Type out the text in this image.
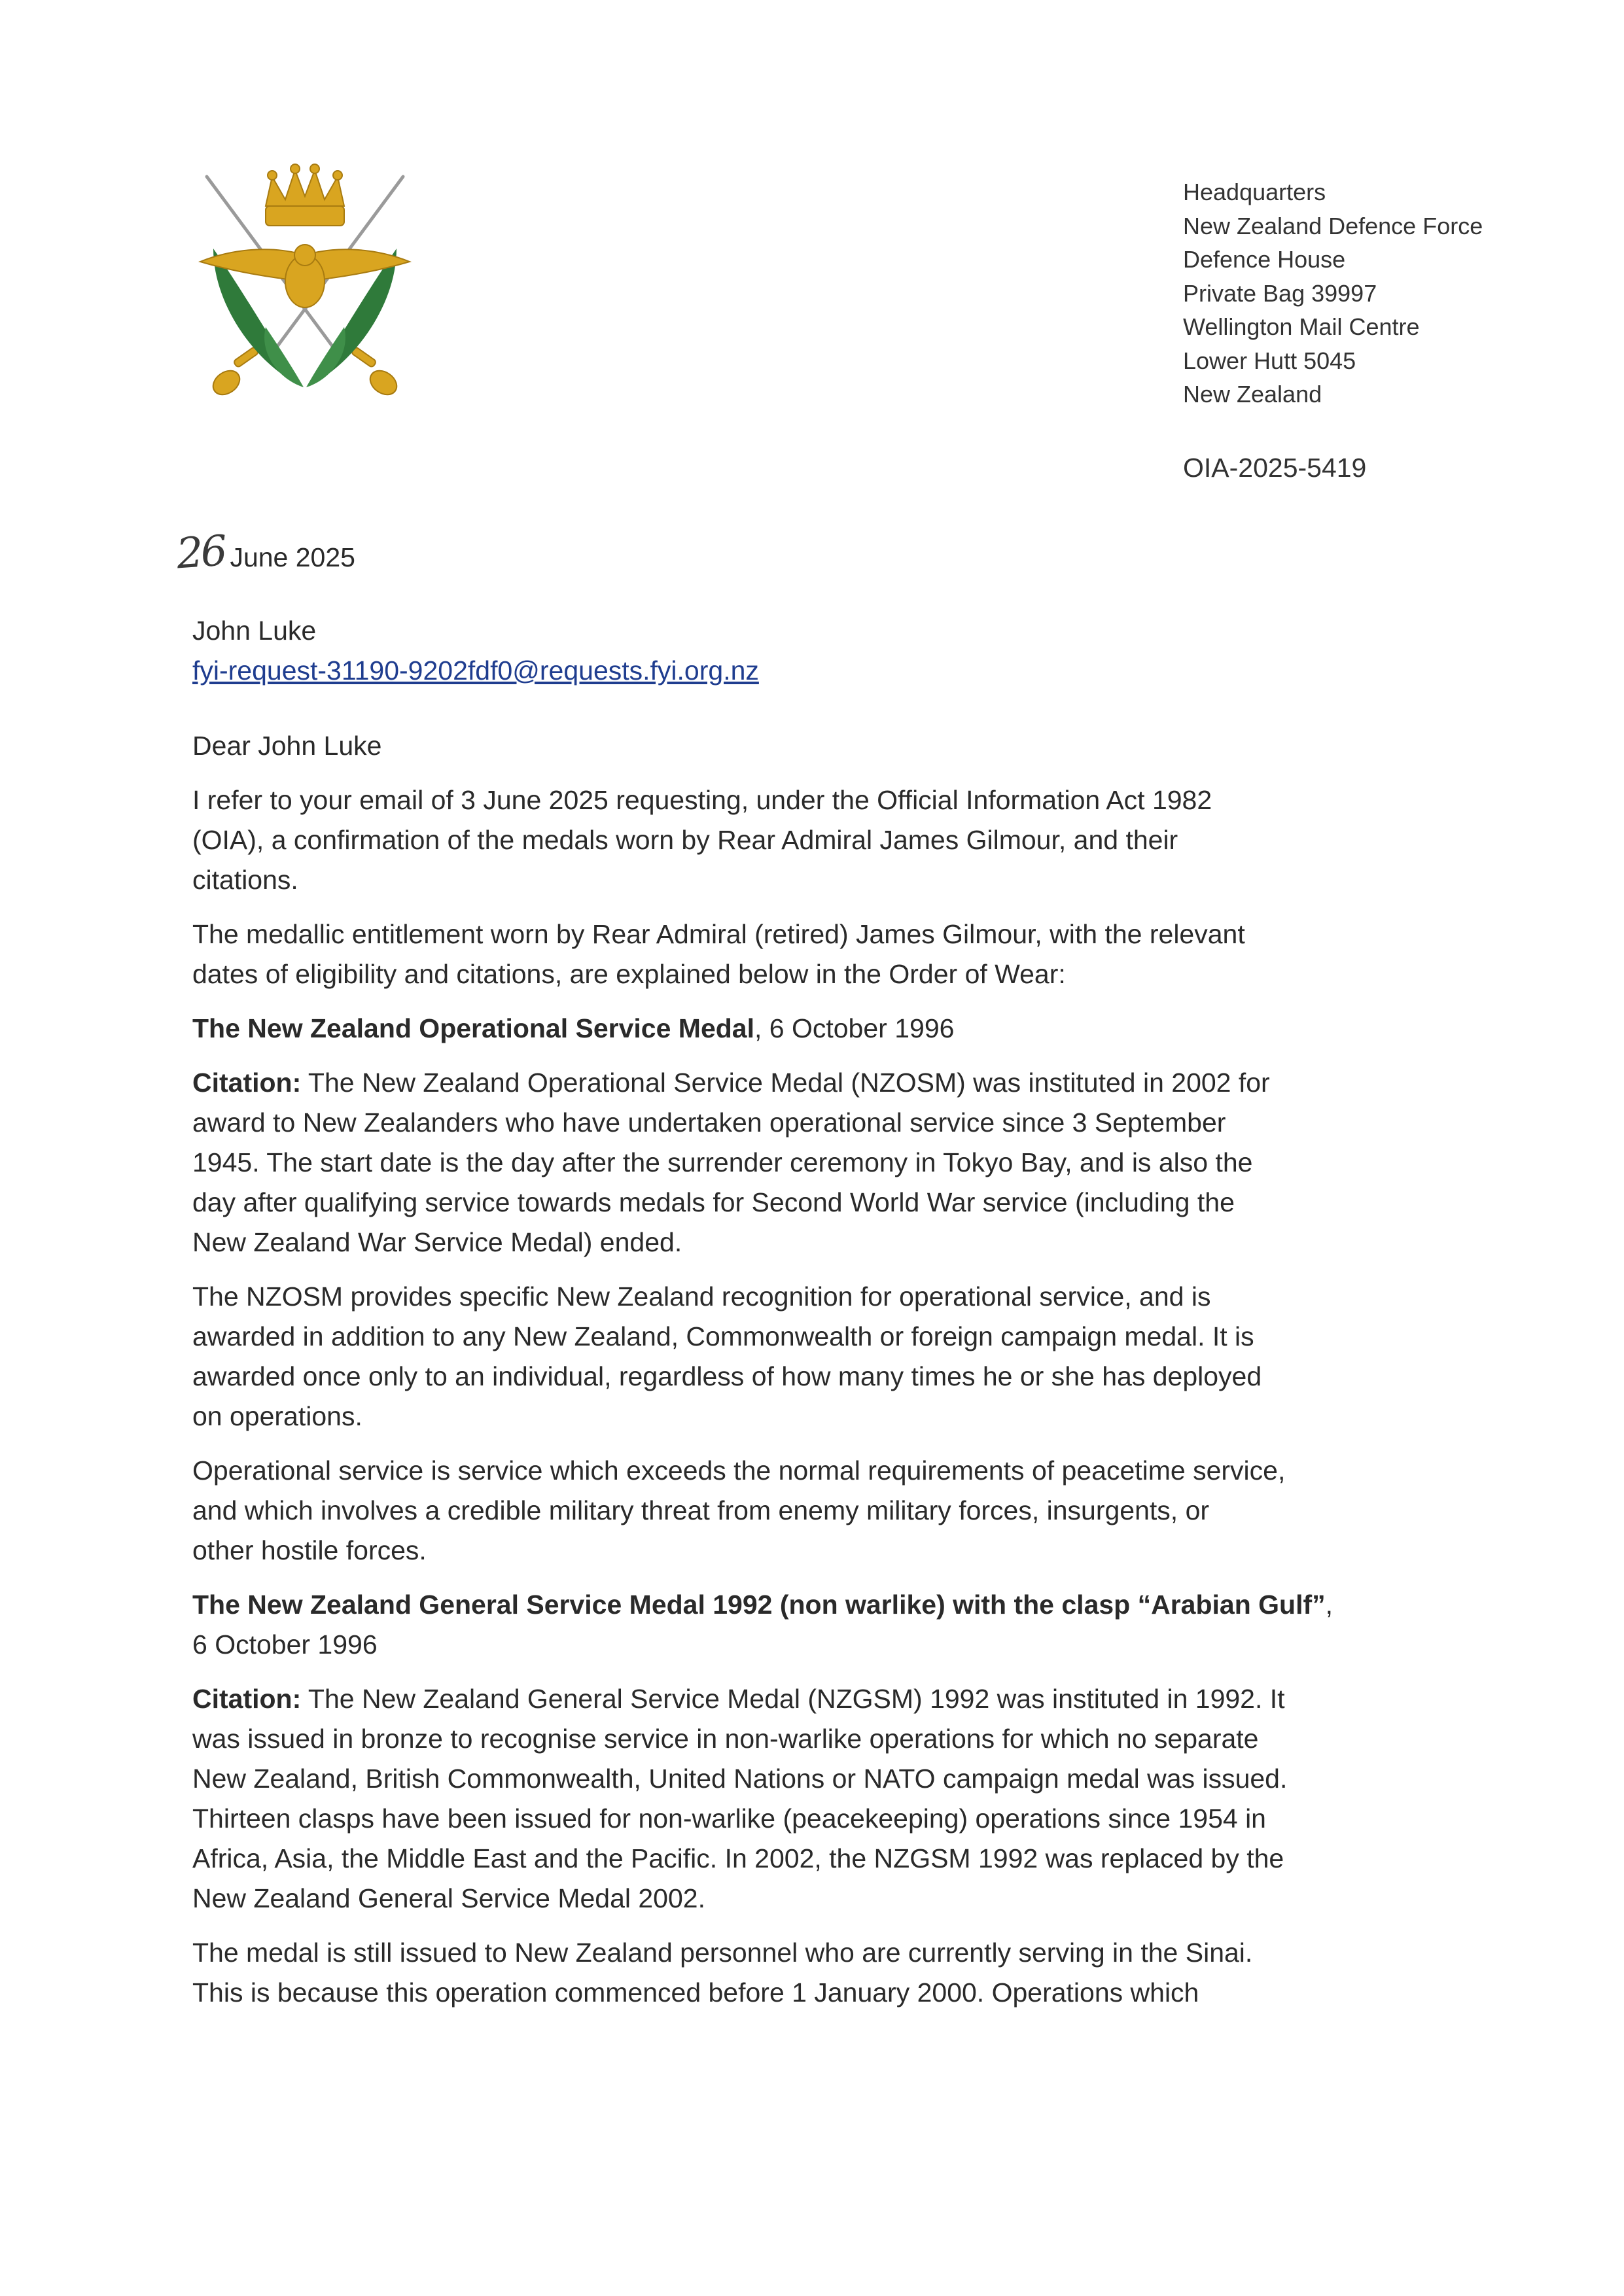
Headquarters
New Zealand Defence Force
Defence House
Private Bag 39997
Wellington Mail Centre
Lower Hutt 5045
New Zealand
OIA-2025-5419
26 June 2025
John Luke
fyi-request-31190-9202fdf0@requests.fyi.org.nz

Dear John Luke

I refer to your email of 3 June 2025 requesting, under the Official Information Act 1982
(OIA), a confirmation of the medals worn by Rear Admiral James Gilmour, and their
citations.

The medallic entitlement worn by Rear Admiral (retired) James Gilmour, with the relevant
dates of eligibility and citations, are explained below in the Order of Wear:

The New Zealand Operational Service Medal, 6 October 1996

Citation: The New Zealand Operational Service Medal (NZOSM) was instituted in 2002 for
award to New Zealanders who have undertaken operational service since 3 September
1945. The start date is the day after the surrender ceremony in Tokyo Bay, and is also the
day after qualifying service towards medals for Second World War service (including the
New Zealand War Service Medal) ended.

The NZOSM provides specific New Zealand recognition for operational service, and is
awarded in addition to any New Zealand, Commonwealth or foreign campaign medal. It is
awarded once only to an individual, regardless of how many times he or she has deployed
on operations.

Operational service is service which exceeds the normal requirements of peacetime service,
and which involves a credible military threat from enemy military forces, insurgents, or
other hostile forces.

The New Zealand General Service Medal 1992 (non warlike) with the clasp “Arabian Gulf”,
6 October 1996

Citation: The New Zealand General Service Medal (NZGSM) 1992 was instituted in 1992. It
was issued in bronze to recognise service in non-warlike operations for which no separate
New Zealand, British Commonwealth, United Nations or NATO campaign medal was issued.
Thirteen clasps have been issued for non-warlike (peacekeeping) operations since 1954 in
Africa, Asia, the Middle East and the Pacific. In 2002, the NZGSM 1992 was replaced by the
New Zealand General Service Medal 2002.

The medal is still issued to New Zealand personnel who are currently serving in the Sinai.
This is because this operation commenced before 1 January 2000. Operations which
